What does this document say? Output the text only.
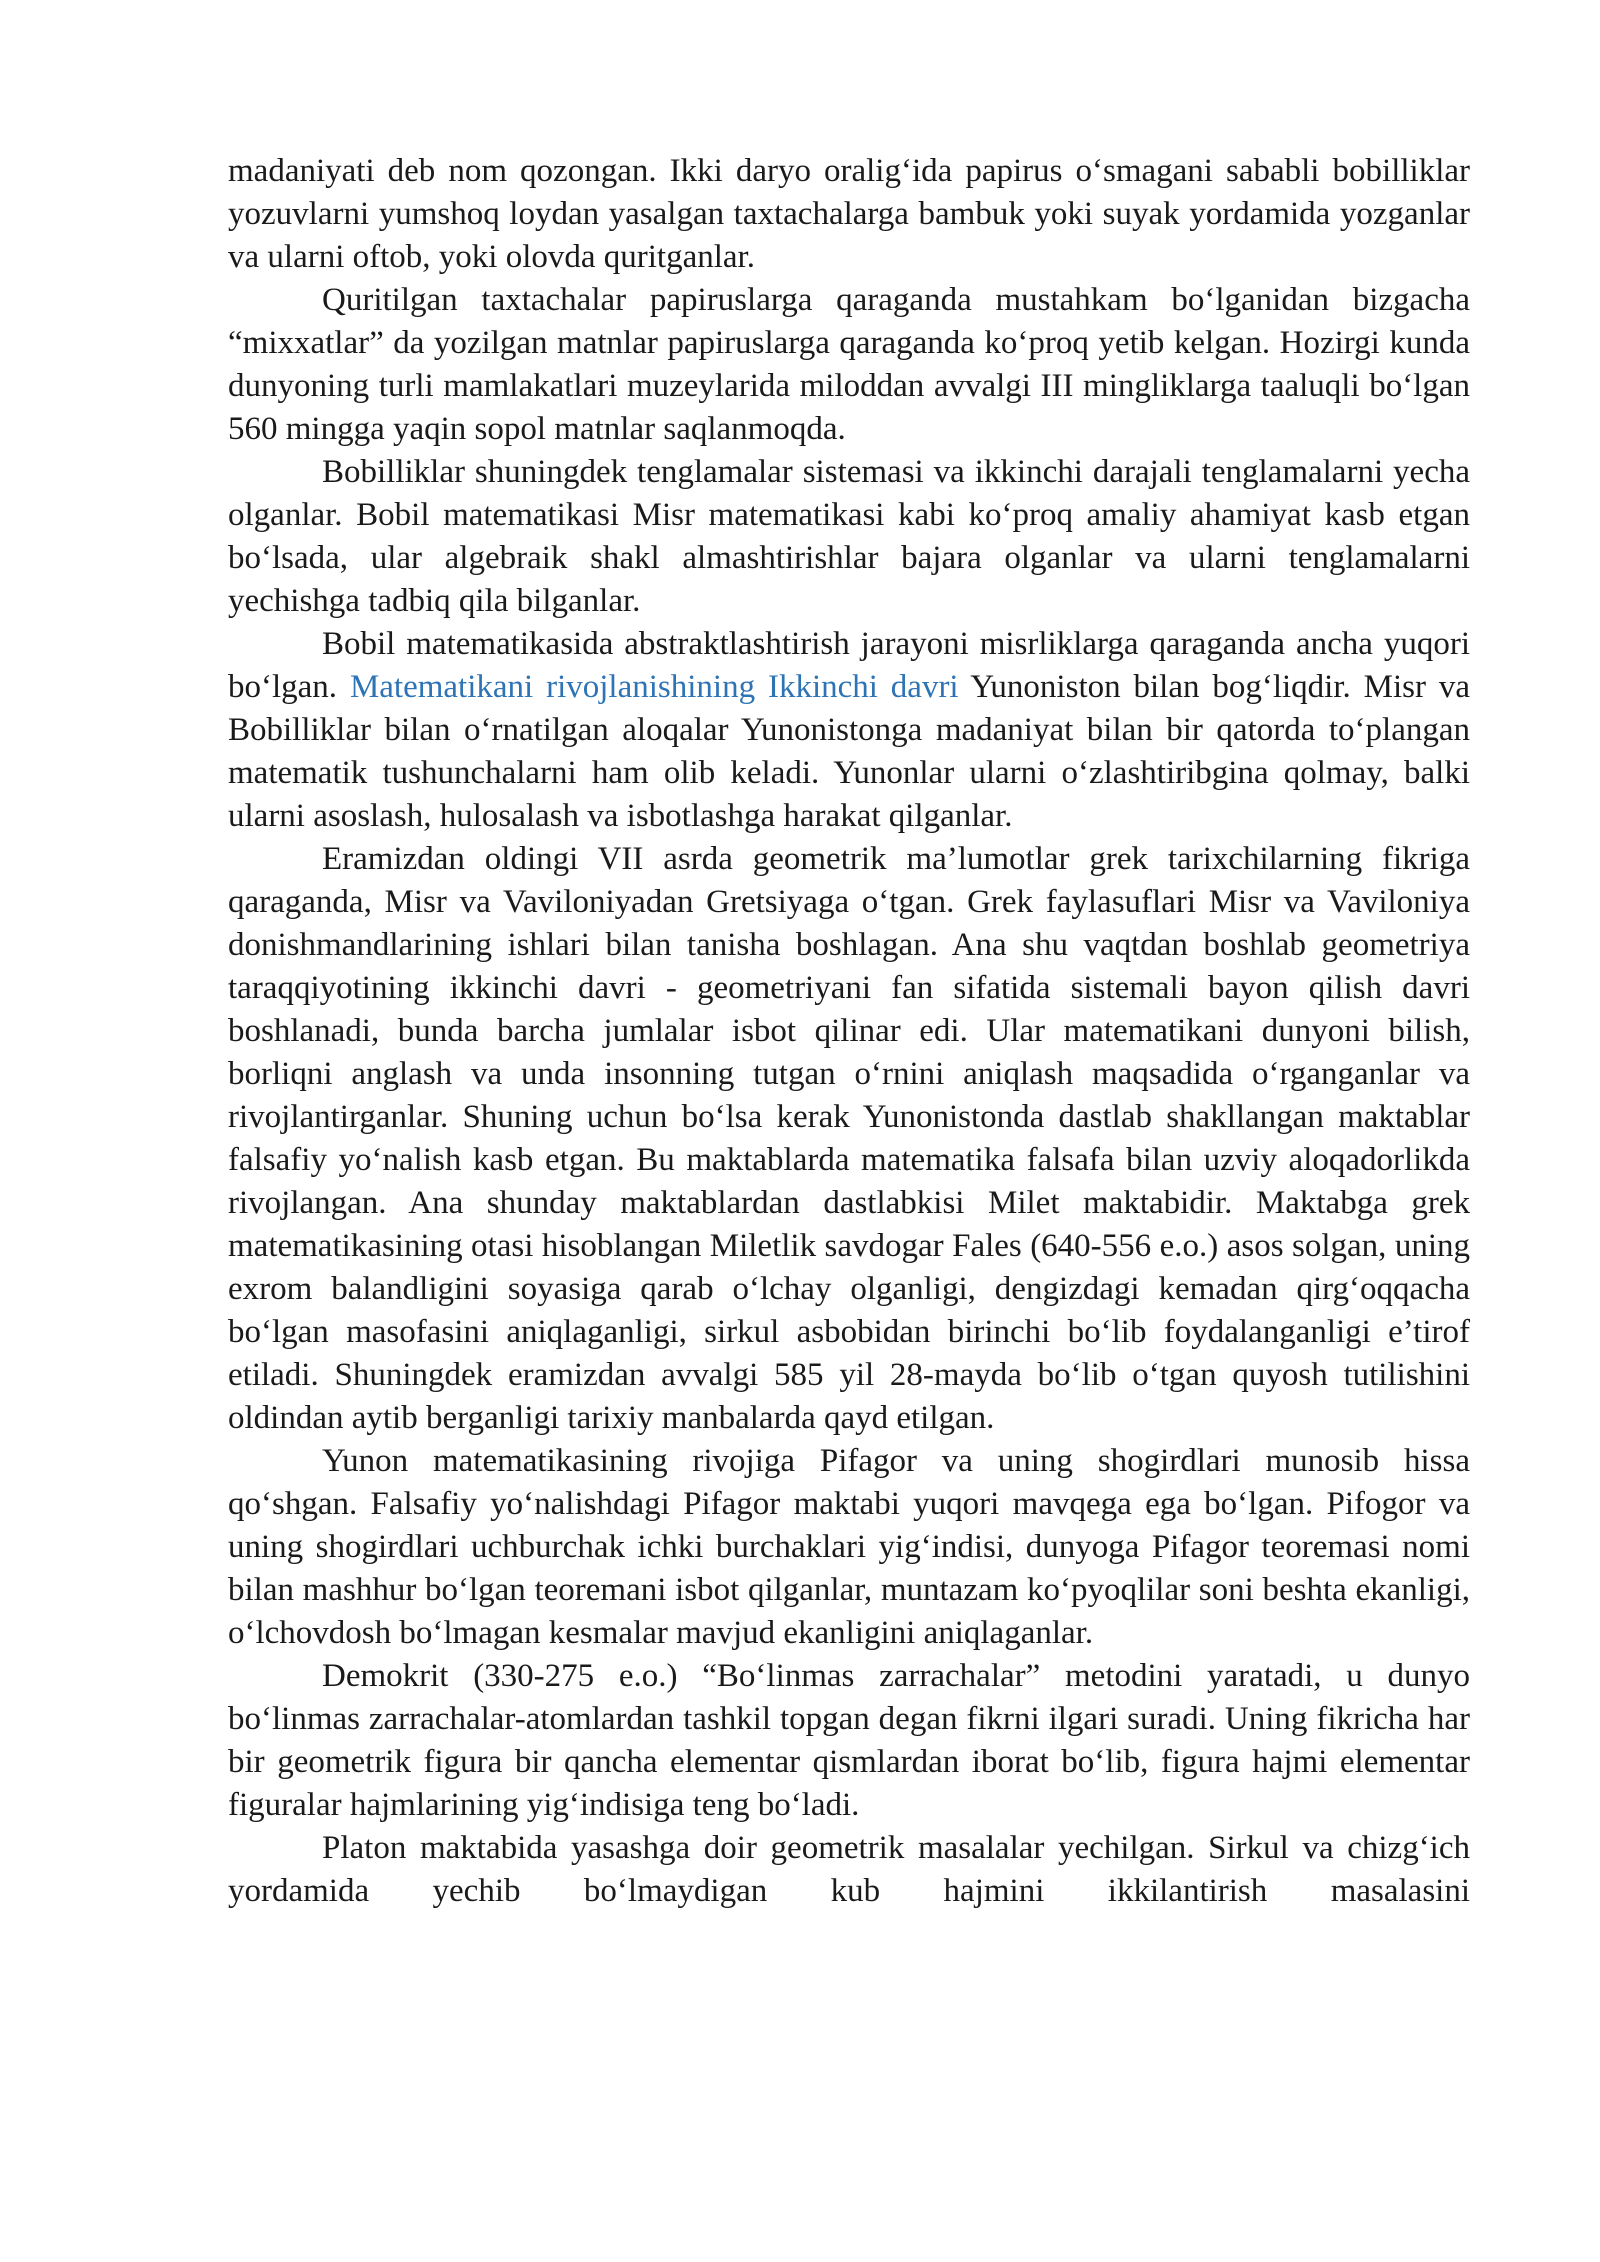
madaniyati deb nom qozongan. Ikki daryo oralig‘ida papirus o‘smagani sababli bobilliklar yozuvlarni yumshoq loydan yasalgan taxtachalarga bambuk yoki suyak yordamida yozganlar va ularni oftob, yoki olovda quritganlar.

Quritilgan taxtachalar papiruslarga qaraganda mustahkam bo‘lganidan bizgacha “mixxatlar” da yozilgan matnlar papiruslarga qaraganda ko‘proq yetib kelgan. Hozirgi kunda dunyoning turli mamlakatlari muzeylarida miloddan avvalgi III mingliklarga taaluqli bo‘lgan 560 mingga yaqin sopol matnlar saqlanmoqda.

Bobilliklar shuningdek tenglamalar sistemasi va ikkinchi darajali tenglamalarni yecha olganlar. Bobil matematikasi Misr matematikasi kabi ko‘proq amaliy ahamiyat kasb etgan bo‘lsada, ular algebraik shakl almashtirishlar bajara olganlar va ularni tenglamalarni yechishga tadbiq qila bilganlar.

Bobil matematikasida abstraktlashtirish jarayoni misrliklarga qaraganda ancha yuqori bo‘lgan. Matematikani rivojlanishining Ikkinchi davri Yunoniston bilan bog‘liqdir. Misr va Bobilliklar bilan o‘rnatilgan aloqalar Yunonistonga madaniyat bilan bir qatorda to‘plangan matematik tushunchalarni ham olib keladi. Yunonlar ularni o‘zlashtiribgina qolmay, balki ularni asoslash, hulosalash va isbotlashga harakat qilganlar.

Eramizdan oldingi VII asrda geometrik ma’lumotlar grek tarixchilarning fikriga qaraganda, Misr va Vaviloniyadan Gretsiyaga o‘tgan. Grek faylasuflari Misr va Vaviloniya donishmandlarining ishlari bilan tanisha boshlagan. Ana shu vaqtdan boshlab geometriya taraqqiyotining ikkinchi davri - geometriyani fan sifatida sistemali bayon qilish davri boshlanadi, bunda barcha jumlalar isbot qilinar edi. Ular matematikani dunyoni bilish, borliqni anglash va unda insonning tutgan o‘rnini aniqlash maqsadida o‘rganganlar va rivojlantirganlar. Shuning uchun bo‘lsa kerak Yunonistonda dastlab shakllangan maktablar falsafiy yo‘nalish kasb etgan. Bu maktablarda matematika falsafa bilan uzviy aloqadorlikda rivojlangan. Ana shunday maktablardan dastlabkisi Milet maktabidir. Maktabga grek matematikasining otasi hisoblangan Miletlik savdogar Fales (640-556 e.o.) asos solgan, uning exrom balandligini soyasiga qarab o‘lchay olganligi, dengizdagi kemadan qirg‘oqqacha bo‘lgan masofasini aniqlaganligi, sirkul asbobidan birinchi bo‘lib foydalanganligi e’tirof etiladi. Shuningdek eramizdan avvalgi 585 yil 28-mayda bo‘lib o‘tgan quyosh tutilishini oldindan aytib berganligi tarixiy manbalarda qayd etilgan.

Yunon matematikasining rivojiga Pifagor va uning shogirdlari munosib hissa qo‘shgan. Falsafiy yo‘nalishdagi Pifagor maktabi yuqori mavqega ega bo‘lgan. Pifogor va uning shogirdlari uchburchak ichki burchaklari yig‘indisi, dunyoga Pifagor teoremasi nomi bilan mashhur bo‘lgan teoremani isbot qilganlar, muntazam ko‘pyoqlilar soni beshta ekanligi, o‘lchovdosh bo‘lmagan kesmalar mavjud ekanligini aniqlaganlar.

Demokrit (330-275 e.o.) “Bo‘linmas zarrachalar” metodini yaratadi, u dunyo bo‘linmas zarrachalar-atomlardan tashkil topgan degan fikrni ilgari suradi. Uning fikricha har bir geometrik figura bir qancha elementar qismlardan iborat bo‘lib, figura hajmi elementar figuralar hajmlarining yig‘indisiga teng bo‘ladi.

Platon maktabida yasashga doir geometrik masalalar yechilgan. Sirkul va chizg‘ich yordamida yechib bo‘lmaydigan kub hajmini ikkilantirish masalasini
